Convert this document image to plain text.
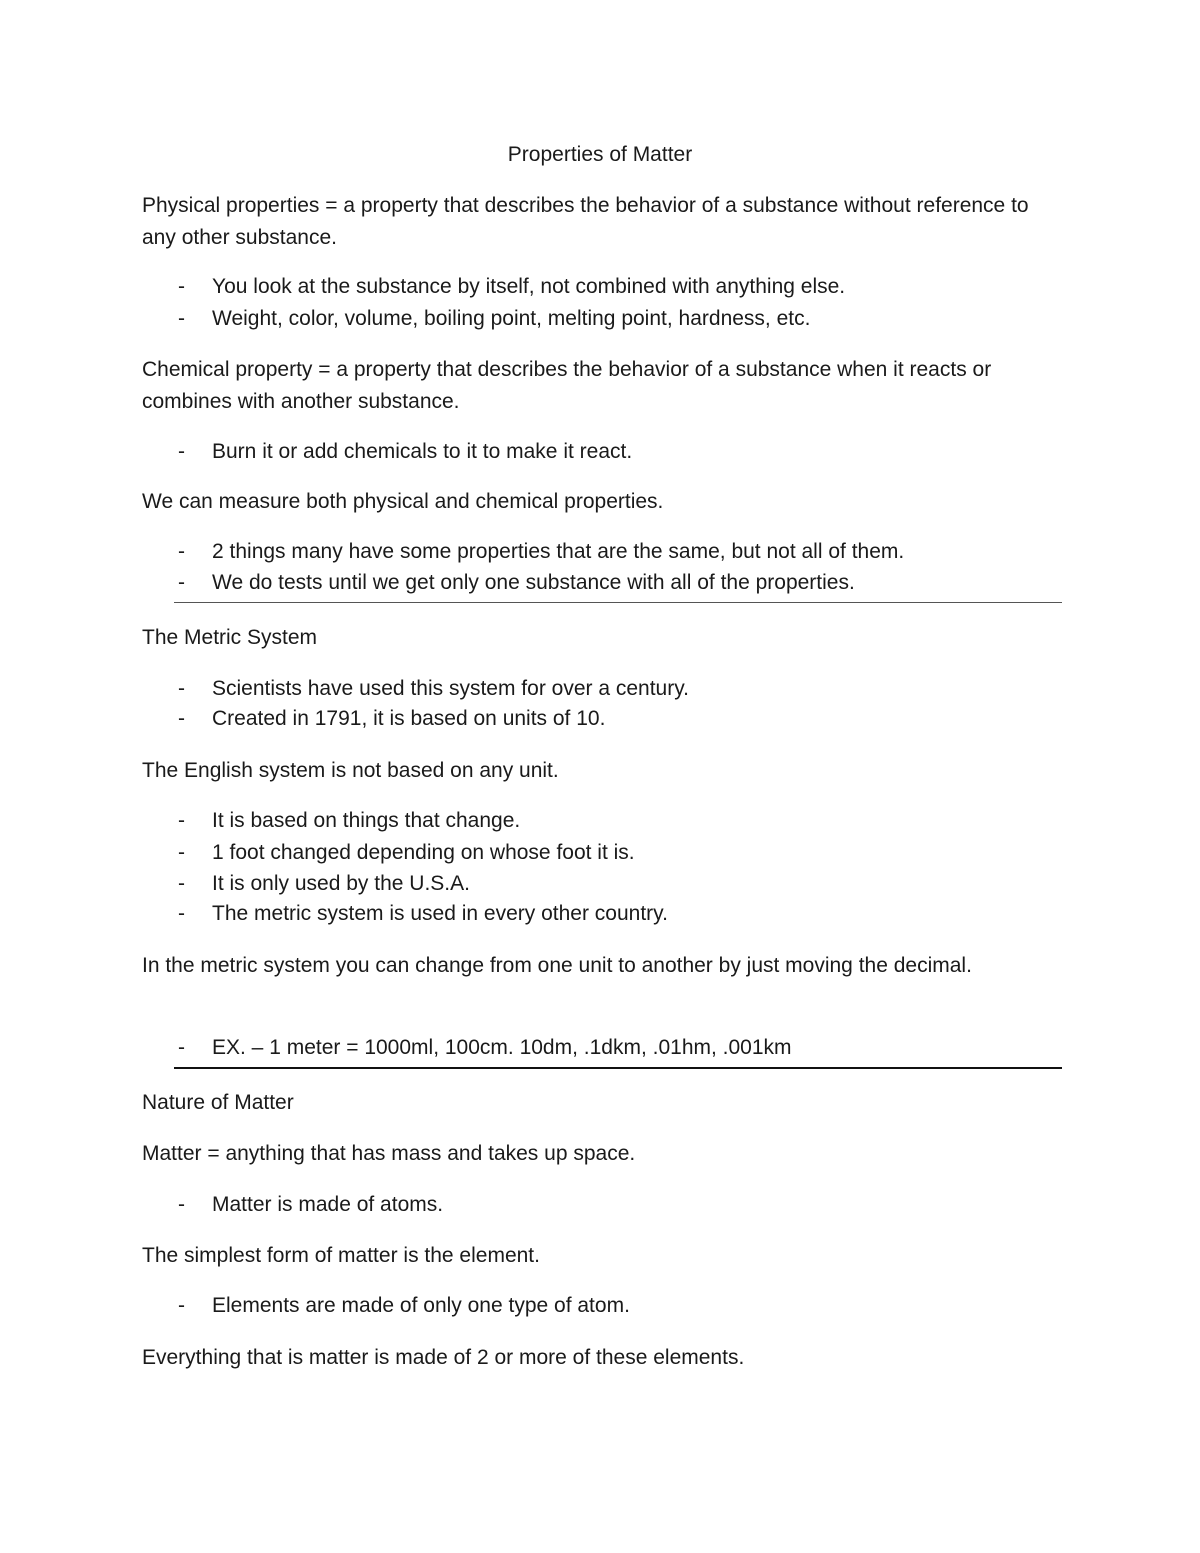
Properties of Matter
Physical properties = a property that describes the behavior of a substance without reference to any other substance.
-	You look at the substance by itself, not combined with anything else.
-	Weight, color, volume, boiling point, melting point, hardness, etc.
Chemical property = a property that describes the behavior of a substance when it reacts or combines with another substance.
-	Burn it or add chemicals to it to make it react.
We can measure both physical and chemical properties.
-	2 things many have some properties that are the same, but not all of them.
-	We do tests until we get only one substance with all of the properties.
The Metric System
-	Scientists have used this system for over a century.
-	Created in 1791, it is based on units of 10.
The English system is not based on any unit.
-	It is based on things that change.
-	1 foot changed depending on whose foot it is.
-	It is only used by the U.S.A.
-	The metric system is used in every other country.
In the metric system you can change from one unit to another by just moving the decimal.
-	EX. – 1 meter = 1000ml, 100cm. 10dm, .1dkm, .01hm, .001km
Nature of Matter
Matter = anything that has mass and takes up space.
-	Matter is made of atoms.
The simplest form of matter is the element.
-	Elements are made of only one type of atom.
Everything that is matter is made of 2 or more of these elements.
